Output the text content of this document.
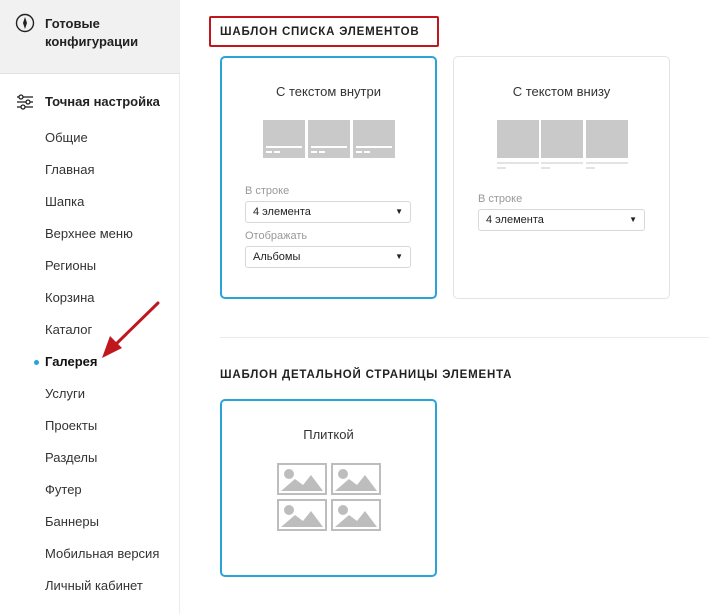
Готовые конфигурации
Точная настройка
Общие
Главная
Шапка
Верхнее меню
Регионы
Корзина
Каталог
Галерея
Услуги
Проекты
Разделы
Футер
Баннеры
Мобильная версия
Личный кабинет
ШАБЛОН СПИСКА ЭЛЕМЕНТОВ
С текстом внутри
В строке
4 элемента	▼
Отображать
Альбомы	▼
С текстом внизу
В строке
4 элемента	▼
ШАБЛОН ДЕТАЛЬНОЙ СТРАНИЦЫ ЭЛЕМЕНТА
Плиткой
